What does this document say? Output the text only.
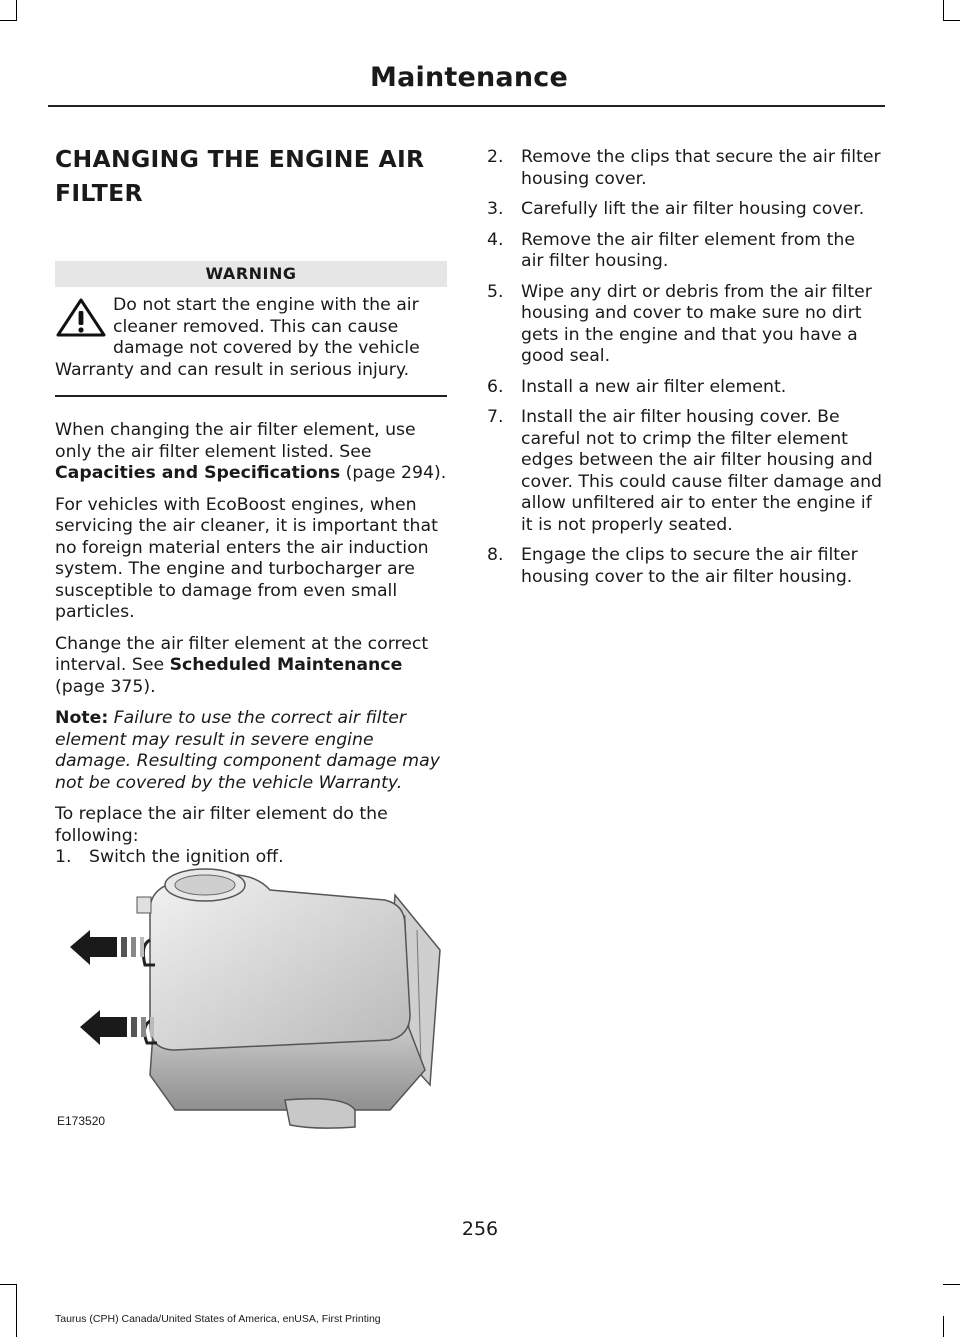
Maintenance
CHANGING THE ENGINE AIR FILTER
WARNING
Do not start the engine with the air cleaner removed. This can cause damage not covered by the vehicle Warranty and can result in serious injury.

When changing the air filter element, use only the air filter element listed. See Capacities and Specifications (page 294).

For vehicles with EcoBoost engines, when servicing the air cleaner, it is important that no foreign material enters the air induction system. The engine and turbocharger are susceptible to damage from even small particles.

Change the air filter element at the correct interval. See Scheduled Maintenance (page 375).

Note: Failure to use the correct air filter element may result in severe engine damage. Resulting component damage may not be covered by the vehicle Warranty.

To replace the air filter element do the following:

1. Switch the ignition off.
E173520
2. Remove the clips that secure the air filter housing cover.
3. Carefully lift the air filter housing cover.
4. Remove the air filter element from the air filter housing.
5. Wipe any dirt or debris from the air filter housing and cover to make sure no dirt gets in the engine and that you have a good seal.
6. Install a new air filter element.
7. Install the air filter housing cover. Be careful not to crimp the filter element edges between the air filter housing and cover. This could cause filter damage and allow unfiltered air to enter the engine if it is not properly seated.
8. Engage the clips to secure the air filter housing cover to the air filter housing.
256
Taurus (CPH) Canada/United States of America, enUSA, First Printing
